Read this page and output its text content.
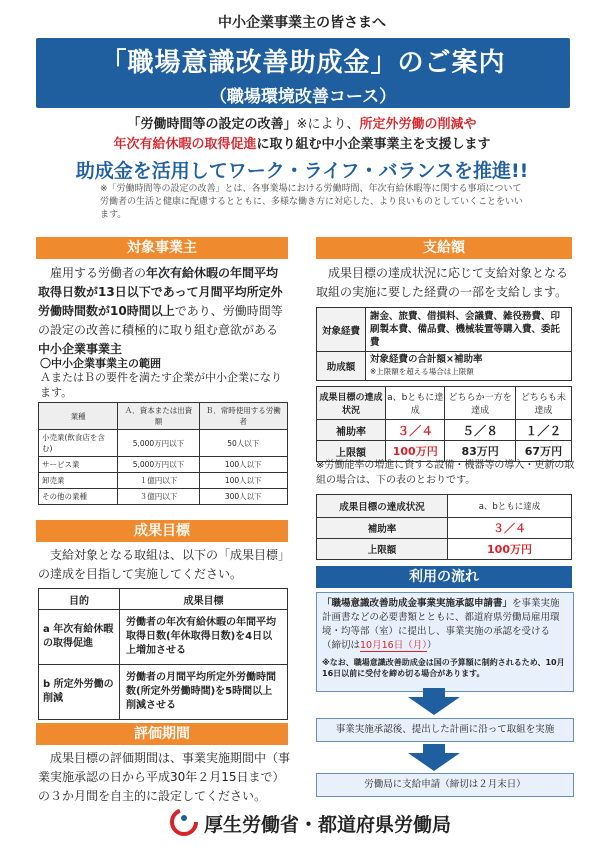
中小企業事業主の皆さまへ
「職場意識改善助成金」のご案内
（職場環境改善コース）
「労働時間等の設定の改善」※により、所定外労働の削減や
年次有給休暇の取得促進に取り組む中小企業事業主を支援します
助成金を活用してワーク・ライフ・バランスを推進!!
※「労働時間等の設定の改善」とは、各事業場における労働時間、年次有給休暇等に関する事項について労働者の生活と健康に配慮するとともに、多様な働き方に対応した、より良いものとしていくことをいいます。
対象事業主
雇用する労働者の年次有給休暇の年間平均取得日数が13日以下であって月間平均所定外労働時間数が10時間以上であり、労働時間等の設定の改善に積極的に取り組む意欲がある中小企業事業主
〇中小企業事業主の範囲
ＡまたはＢの要件を満たす企業が中小企業になります。
業種	Ａ．資本または出資額	Ｂ．常時使用する労働者
小売業(飲食店を含む)	5,000万円以下	50人以下
サービス業	5,000万円以下	100人以下
卸売業	１億円以下	100人以下
その他の業種	３億円以下	300人以下
成果目標
支給対象となる取組は、以下の「成果目標」の達成を目指して実施してください。
目的	成果目標
a 年次有給休暇の取得促進	労働者の年次有給休暇の年間平均取得日数(年休取得日数)を4日以上増加させる
b 所定外労働の削減	労働者の月間平均所定外労働時間数(所定外労働時間)を5時間以上削減させる
評価期間
成果目標の評価期間は、事業実施期間中（事業実施承認の日から平成30年２月15日まで）の３か月間を自主的に設定してください。
支給額
成果目標の達成状況に応じて支給対象となる取組の実施に要した経費の一部を支給します。
対象経費	謝金、旅費、借損料、会議費、雑役務費、印刷製本費、備品費、機械装置等購入費、委託費
助成額	対象経費の合計額×補助率
※上限額を超える場合は上限額
成果目標の達成状況	a、bともに達成	どちらか一方を達成	どちらも未達成
補助率	３／４	５／８	１／２
上限額	100万円	83万円	67万円
※労働能率の増進に資する設備・機器等の導入・更新の取組の場合は、下の表のとおりです。
成果目標の達成状況	a、bともに達成
補助率	３／４
上限額	100万円
利用の流れ
「職場意識改善助成金事業実施承認申請書」を事業実施計画書などの必要書類とともに、都道府県労働局雇用環境・均等部（室）に提出し、事業実施の承認を受ける（締切は10月16日（月））
※なお、職場意識改善助成金は国の予算額に制約されるため、10月16日以前に受付を締め切る場合があります。
事業実施承認後、提出した計画に沿って取組を実施
労働局に支給申請（締切は２月末日）
厚生労働省・都道府県労働局
